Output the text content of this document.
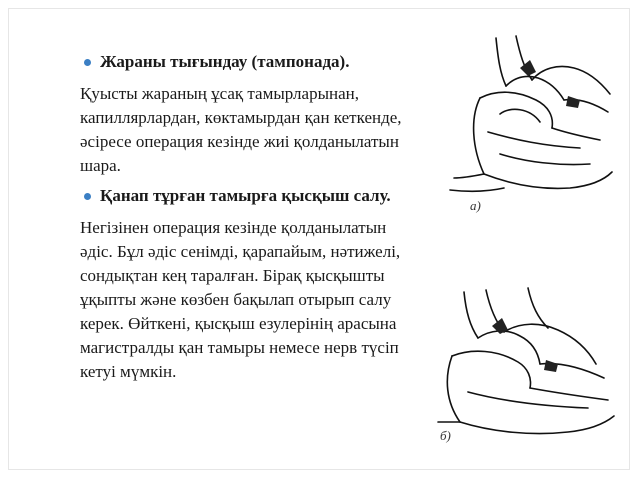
Жараны тығындау (тампонада).

Қуысты жараның ұсақ тамырларынан, капиллярлардан, көктамырдан қан кеткенде, әсіресе операция кезінде жиі қолданылатын шара.

Қанап тұрған тамырға қысқыш салу.

Негізінен операция кезінде қолданылатын әдіс. Бұл әдіс сенімді, қарапайым, нәтижелі, сондықтан кең таралған. Бірақ қысқышты ұқыпты және көзбен бақылап отырып салу керек. Өйткені, қысқыш езулерінің арасына магистралды қан тамыры немесе нерв түсіп кетуі мүмкін.

а)
б)
